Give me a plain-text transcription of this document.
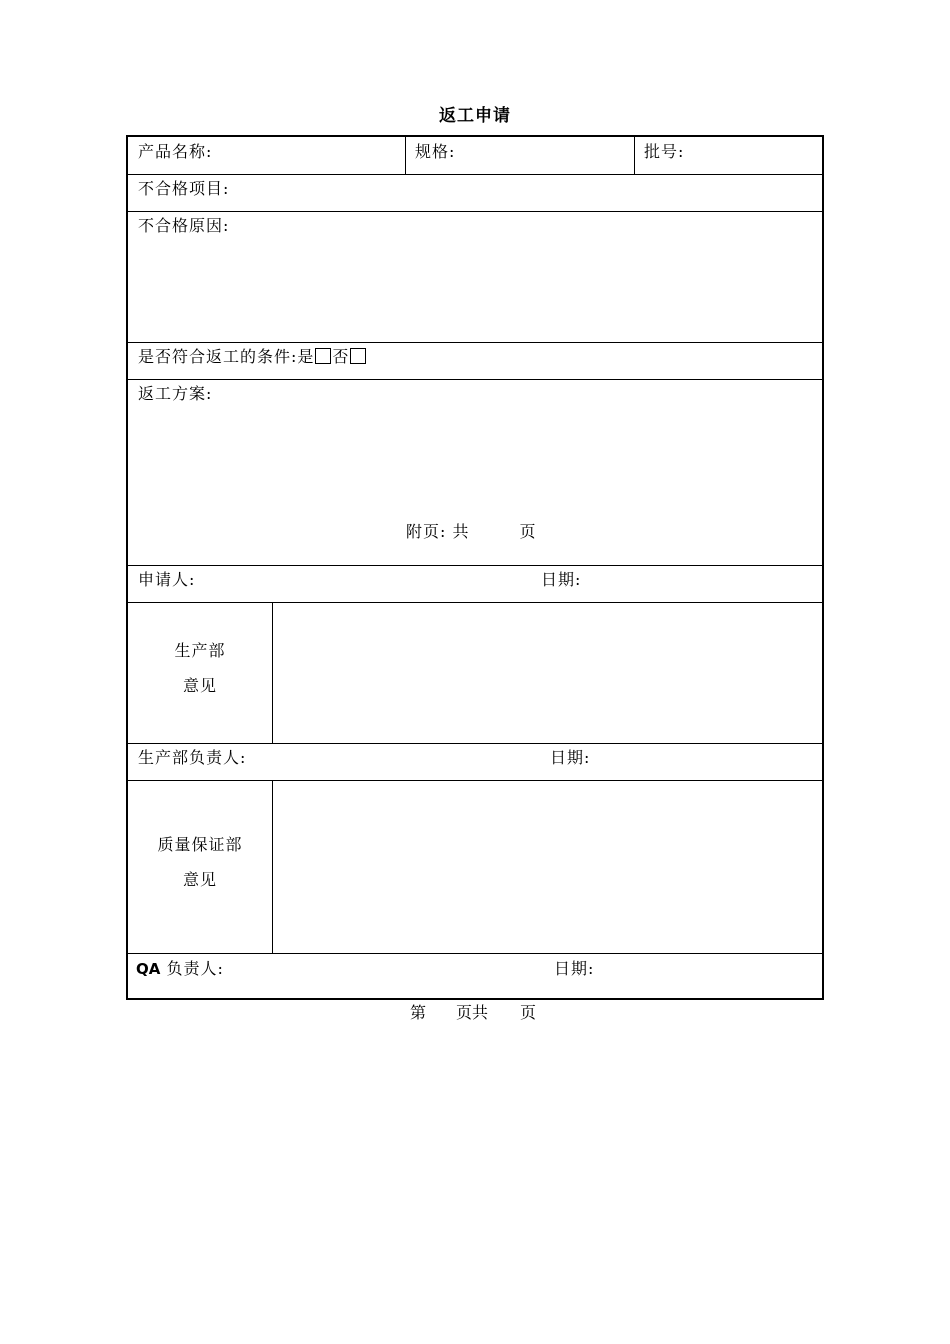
返工申请
产品名称:	规格:	批号:
不合格项目:
不合格原因:
是否符合返工的条件:是 否
返工方案:
附页: 共	页
申请人:	日期:
生产部
意见
生产部负责人:	日期:
质量保证部
意见
QA 负责人:	日期:
第 页共 页
